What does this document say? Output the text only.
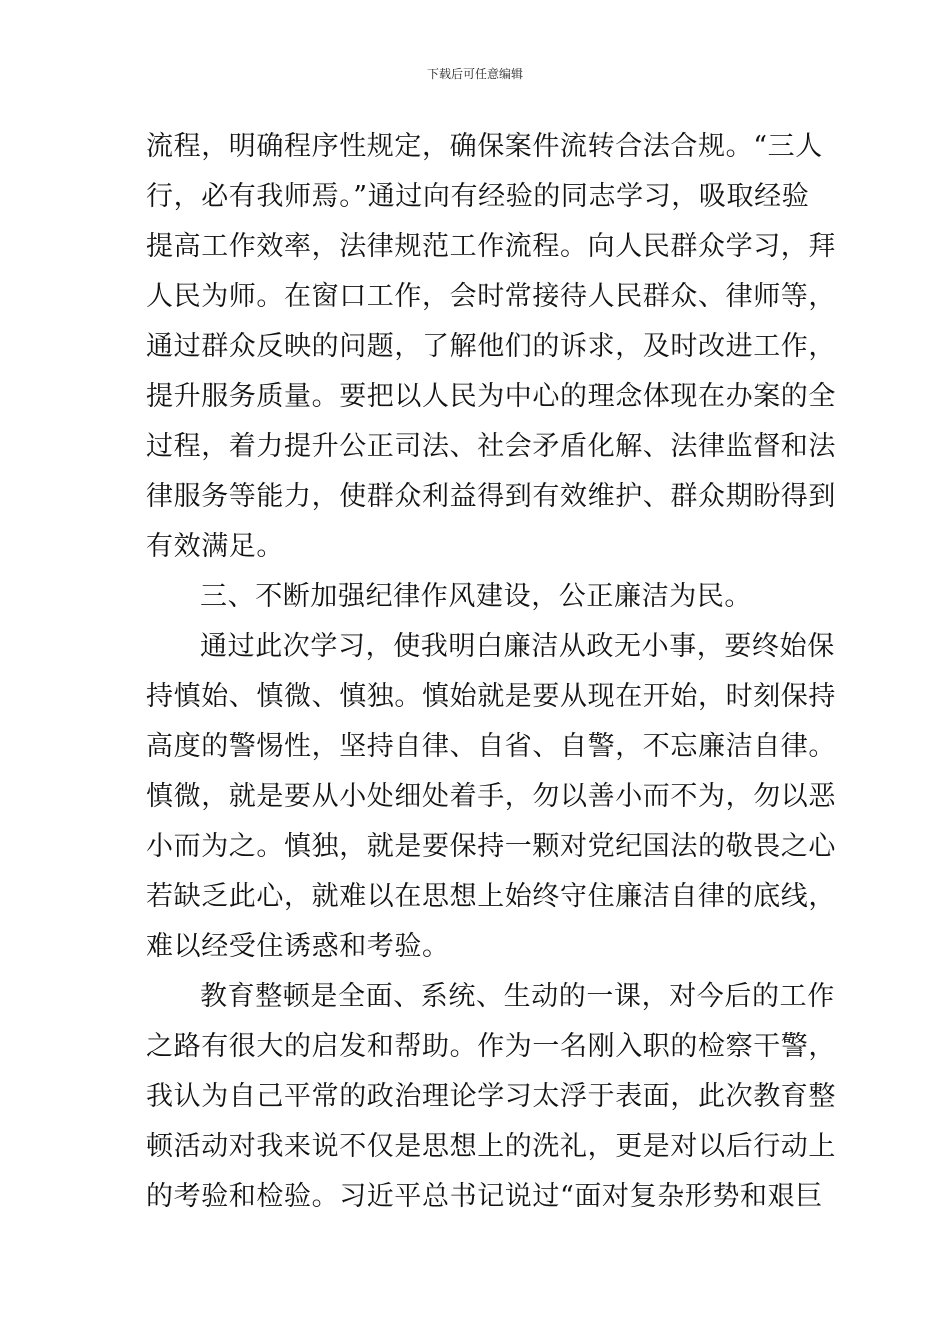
下载后可任意编辑
流程，明确程序性规定，确保案件流转合法合规。“三人
行，必有我师焉。”通过向有经验的同志学习，吸取经验
提高工作效率，法律规范工作流程。向人民群众学习，拜
人民为师。在窗口工作，会时常接待人民群众、律师等，
通过群众反映的问题，了解他们的诉求，及时改进工作，
提升服务质量。要把以人民为中心的理念体现在办案的全
过程，着力提升公正司法、社会矛盾化解、法律监督和法
律服务等能力，使群众利益得到有效维护、群众期盼得到
有效满足。
三、不断加强纪律作风建设，公正廉洁为民。
通过此次学习，使我明白廉洁从政无小事，要终始保
持慎始、慎微、慎独。慎始就是要从现在开始，时刻保持
高度的警惕性，坚持自律、自省、自警，不忘廉洁自律。
慎微，就是要从小处细处着手，勿以善小而不为，勿以恶
小而为之。慎独，就是要保持一颗对党纪国法的敬畏之心
若缺乏此心，就难以在思想上始终守住廉洁自律的底线，
难以经受住诱惑和考验。
教育整顿是全面、系统、生动的一课，对今后的工作
之路有很大的启发和帮助。作为一名刚入职的检察干警，
我认为自己平常的政治理论学习太浮于表面，此次教育整
顿活动对我来说不仅是思想上的洗礼，更是对以后行动上
的考验和检验。习近平总书记说过“面对复杂形势和艰巨
